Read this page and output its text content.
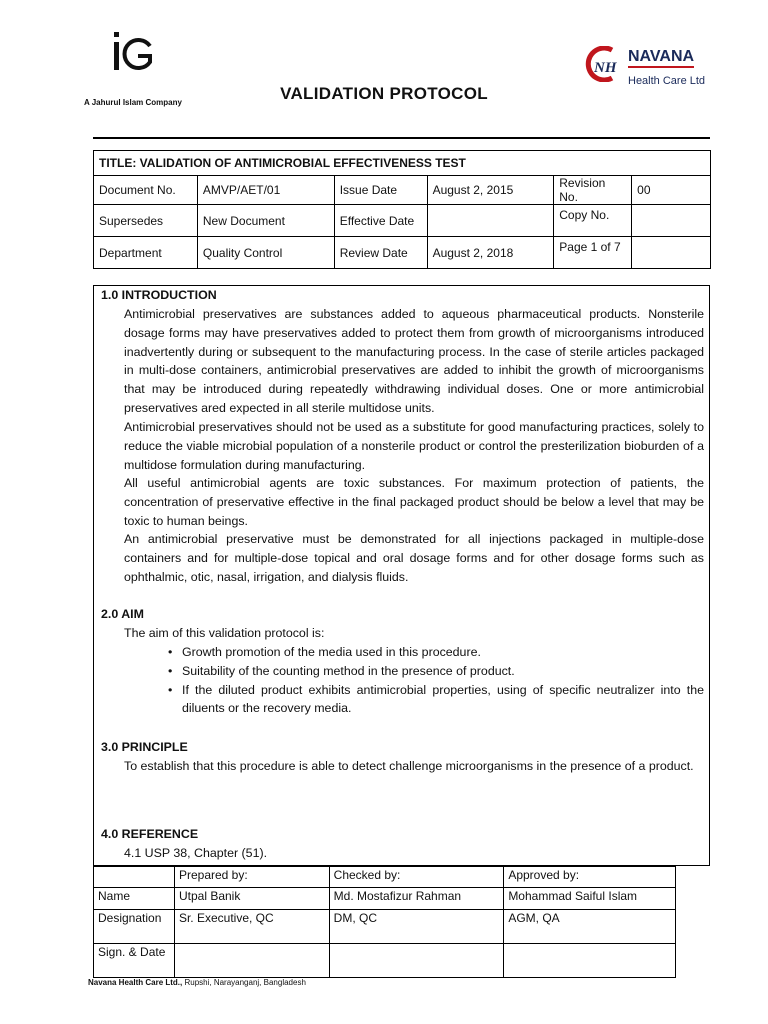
A Jahurul Islam Company	VALIDATION PROTOCOL
NH
NAVANA
Health Care Ltd
TITLE: VALIDATION OF ANTIMICROBIAL EFFECTIVENESS TEST					
Document No.	AMVP/AET/01	Issue Date	August 2, 2015	Revision No.	00
Supersedes	New Document	Effective Date		Copy No.	
Department	Quality Control	Review Date	August 2, 2018	Page 1 of 7	
1.0 INTRODUCTION

Antimicrobial preservatives are substances added to aqueous pharmaceutical products. Nonsterile dosage forms may have preservatives added to protect them from growth of microorganisms introduced inadvertently during or subsequent to the manufacturing process. In the case of sterile articles packaged in multi-dose containers, antimicrobial preservatives are added to inhibit the growth of microorganisms that may be introduced during repeatedly withdrawing individual doses. One or more antimicrobial preservatives ared expected in all sterile multidose units.

Antimicrobial preservatives should not be used as a substitute for good manufacturing practices, solely to reduce the viable microbial population of a nonsterile product or control the presterilization bioburden of a multidose formulation during manufacturing.

All useful antimicrobial agents are toxic substances. For maximum protection of patients, the concentration of preservative effective in the final packaged product should be below a level that may be toxic to human beings.

An antimicrobial preservative must be demonstrated for all injections packaged in multiple-dose containers and for multiple-dose topical and oral dosage forms and for other dosage forms such as ophthalmic, otic, nasal, irrigation, and dialysis fluids.

2.0 AIM

The aim of this validation protocol is:

• Growth promotion of the media used in this procedure.
• Suitability of the counting method in the presence of product.
• If the diluted product exhibits antimicrobial properties, using of specific neutralizer into the diluents or the recovery media.
3.0 PRINCIPLE

To establish that this procedure is able to detect challenge microorganisms in the presence of a product.

4.0 REFERENCE

4.1 USP 38, Chapter (51).

	Prepared by:	Checked by:	Approved by:
Name	Utpal Banik	Md. Mostafizur Rahman	Mohammad Saiful Islam
Designation	Sr. Executive, QC	DM, QC	AGM, QA
Sign. & Date			
Navana Health Care Ltd., Rupshi, Narayanganj, Bangladesh
